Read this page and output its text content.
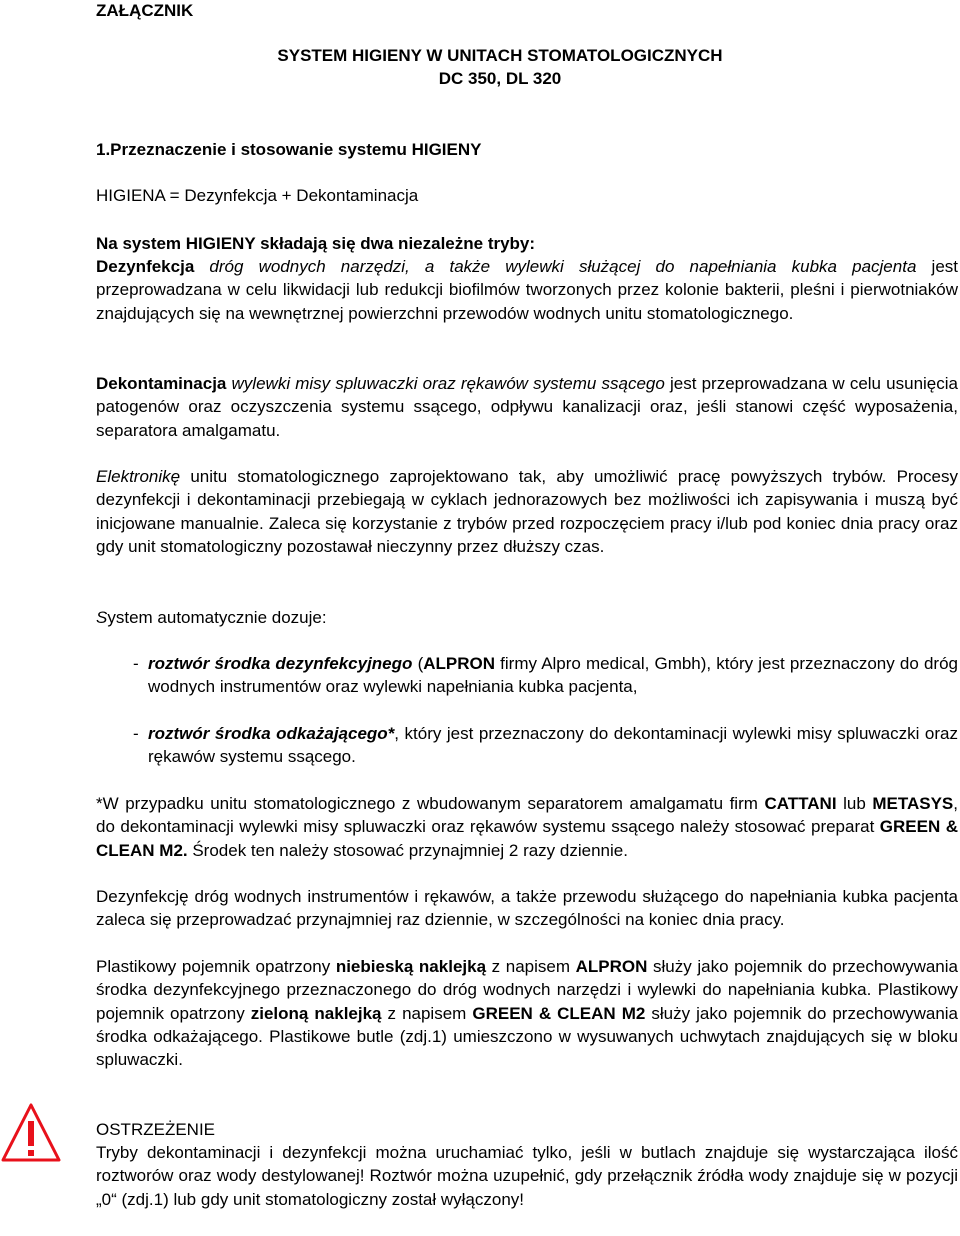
ZAŁĄCZNIK
SYSTEM HIGIENY W UNITACH STOMATOLOGICZNYCH
DC 350, DL 320
1.Przeznaczenie i stosowanie systemu HIGIENY
HIGIENA = Dezynfekcja + Dekontaminacja
Na system HIGIENY składają się dwa niezależne tryby:
Dezynfekcja dróg wodnych narzędzi, a także wylewki służącej do napełniania kubka pacjenta jest przeprowadzana w celu likwidacji lub redukcji biofilmów tworzonych przez kolonie bakterii, pleśni i pierwotniaków znajdujących się na wewnętrznej powierzchni przewodów wodnych unitu stomatologicznego.
Dekontaminacja wylewki misy spluwaczki oraz rękawów systemu ssącego jest przeprowadzana w celu usunięcia patogenów oraz oczyszczenia systemu ssącego, odpływu kanalizacji oraz, jeśli stanowi część wyposażenia, separatora amalgamatu.
Elektronikę unitu stomatologicznego zaprojektowano tak, aby umożliwić pracę powyższych trybów. Procesy dezynfekcji i dekontaminacji przebiegają w cyklach jednorazowych bez możliwości ich zapisywania i muszą być inicjowane manualnie. Zaleca się korzystanie z trybów przed rozpoczęciem pracy i/lub pod koniec dnia pracy oraz gdy unit stomatologiczny pozostawał nieczynny przez dłuższy czas.
System automatycznie dozuje:
- roztwór środka dezynfekcyjnego (ALPRON firmy Alpro medical, Gmbh), który jest przeznaczony do dróg wodnych instrumentów oraz wylewki napełniania kubka pacjenta,
- roztwór środka odkażającego*, który jest przeznaczony do dekontaminacji wylewki misy spluwaczki oraz rękawów systemu ssącego.
*W przypadku unitu stomatologicznego z wbudowanym separatorem amalgamatu firm CATTANI lub METASYS, do dekontaminacji wylewki misy spluwaczki oraz rękawów systemu ssącego należy stosować preparat GREEN & CLEAN M2. Środek ten należy stosować przynajmniej 2 razy dziennie.
Dezynfekcję dróg wodnych instrumentów i rękawów, a także przewodu służącego do napełniania kubka pacjenta zaleca się przeprowadzać przynajmniej raz dziennie, w szczególności na koniec dnia pracy.
Plastikowy pojemnik opatrzony niebieską naklejką z napisem ALPRON służy jako pojemnik do przechowywania środka dezynfekcyjnego przeznaczonego do dróg wodnych narzędzi i wylewki do napełniania kubka. Plastikowy pojemnik opatrzony zieloną naklejką z napisem GREEN & CLEAN M2 służy jako pojemnik do przechowywania środka odkażającego. Plastikowe butle (zdj.1) umieszczono w wysuwanych uchwytach znajdujących się w bloku spluwaczki.
OSTRZEŻENIE
Tryby dekontaminacji i dezynfekcji można uruchamiać tylko, jeśli w butlach znajduje się wystarczająca ilość roztworów oraz wody destylowanej! Roztwór można uzupełnić, gdy przełącznik źródła wody znajduje się w pozycji „0“ (zdj.1) lub gdy unit stomatologiczny został wyłączony!
